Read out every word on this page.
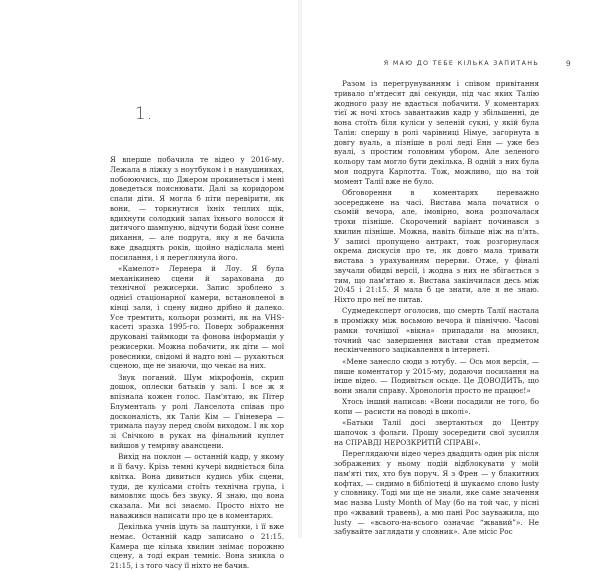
1.

Я вперше побачила те відео у 2016-му. Лежала в ліжку з ноутбуком і в навушниках, побоюючись, що Джером прокинеться і мені доведеться пояснювати. Далі за коридором спали діти. Я могла б піти перевірити, як вони, — торкнутися їхніх теплих щік, вдихнути солодкий запах їхнього волосся й дитячого шампуню, відчути бодай їхнє сонне дихання, — але подруга, яку я не бачила вже двадцять років, щойно надіслала мені посилання, і я переглянула його.

«Камелот» Лернера й Лоу. Я була механікинею сцени й зарахована до технічної режисерки. Запис зроблено з однієї стаціонарної камери, встановленої в кінці зали, і сцену видно дрібно й далеко. Усе тремтить, кольори розмиті, як на VHS-касеті зразка 1995-го. Поверх зображення друковані таймкоди та фонова інформація у режисерки. Можна побачити, як діти — мої ровесники, свідомі й надто юні — рухаються сценою, ще не знаючи, що чекає на них.

Звук поганий. Шум мікрофонів, скрип дошок, оплески батьків у залі. І все ж я впізнала кожен голос. Пам'ятаю, як Пітер Блументаль у ролі Ланселота співав про досконалість, як Таліє Кім — Гвіневера — тримала паузу перед своїм виходом. І як хор зі Свічкою в руках на фінальний куплет вийшов у темряву авансцени.

Вихід на поклон — останній кадр, у якому я її бачу. Крізь темні кучері видніється біла квітка. Вона дивиться кудись убік сцени, туди, де кулісами стоїть технічна група, і вимовляє щось без звуку. Я знаю, що вона сказала. Ми всі знаємо. Просто ніхто не наважився написати про це в коментарях.

Декілька учнів ідуть за лаштунки, і її вже немає. Останній кадр записано о 21:15. Камера ще кілька хвилин знімає порожню сцену, а тоді екран темніє. Вона зникла о 21:15, і з того часу її ніхто не бачив.

Я МАЮ ДО ТЕБЕ КІЛЬКА ЗАПИТАНЬ	9

Разом із перегрунуванням і співом привітання тривало п'ятдесят дві секунди, під час яких Талію жодного разу не вдається побачити. У коментарях тієї ж ночі хтось завантажив кадр у збільшенні, де вона стоїть біля куліси у зеленій сукні, у якій була Талія: спершу в ролі чарівниці Німуе, загорнута в довгу вуаль, а пізніше в ролі леді Енн — уже без вуалі, з простим головним убором. Але зеленого кольору там могло бути декілька. В одній з них була моя подруга Карлотта. Тож, можливо, що на той момент Талії вже не було.

Обговорення в коментарях переважно зосереджене на часі. Вистава мала початися о сьомій вечора, але, імовірно, вона розпочалася трохи пізніше. Скорочений варіант починався з хвилин пізніше. Можна, навіть більше ніж на п'ять. У записі пропущено антракт, тож розгорнулася окрема дискусія про те, як довго мала тривати вистава з урахуванням перерви. Отже, у фіналі звучали обидві версії, і жодна з них не збігається з тим, що пам'ятаю я. Вистава закінчилася десь між 20:45 і 21:15. Я мала б це знати, але я не знаю. Ніхто про неї не питав.

Судмедексперт оголосив, що смерть Талії настала в проміжку між восьмою вечора й північчю. Часові рамки точнішої «вікна» припадали на мюзикл, точний час завершення вистави став предметом нескінченного зацікавлення в інтернеті.

«Мене занесло сюди з ютубу. — Ось моя версія, — пише коментатор у 2015-му, додаючи посилання на інше відео. — Подивіться осьце. Це ДОВОДИТЬ, що вони знали справу. Хронологія просто не працює!»

Хтось інший написав: «Вони посадили не того, бо копи — расисти на поводі в школі».

«Батьки Талії досі звертаються до Центру шапочок з фольги. Прошу зосередити свої зусилля на СПРАВДІ НЕРОЗКРИТІЙ СПРАВІ».

Переглядаючи відео через двадцять один рік після зображених у ньому подій відблокувати у моїй пам'яті тих, хто був поруч. Я з Френ — у блакитних кофтах, — сидимо в бібліотеці й шукаємо слово lusty у словнику. Тоді ми ще не знали, яке саме значення має назва Lusty Month of May (бо на той час, у пісні про «жвавий травень), а мю пані Рос зауважила, що lusty — «всього-на-всього означає “жвавий”». Не забувайте заглядати у словник». Але місіс Рос
